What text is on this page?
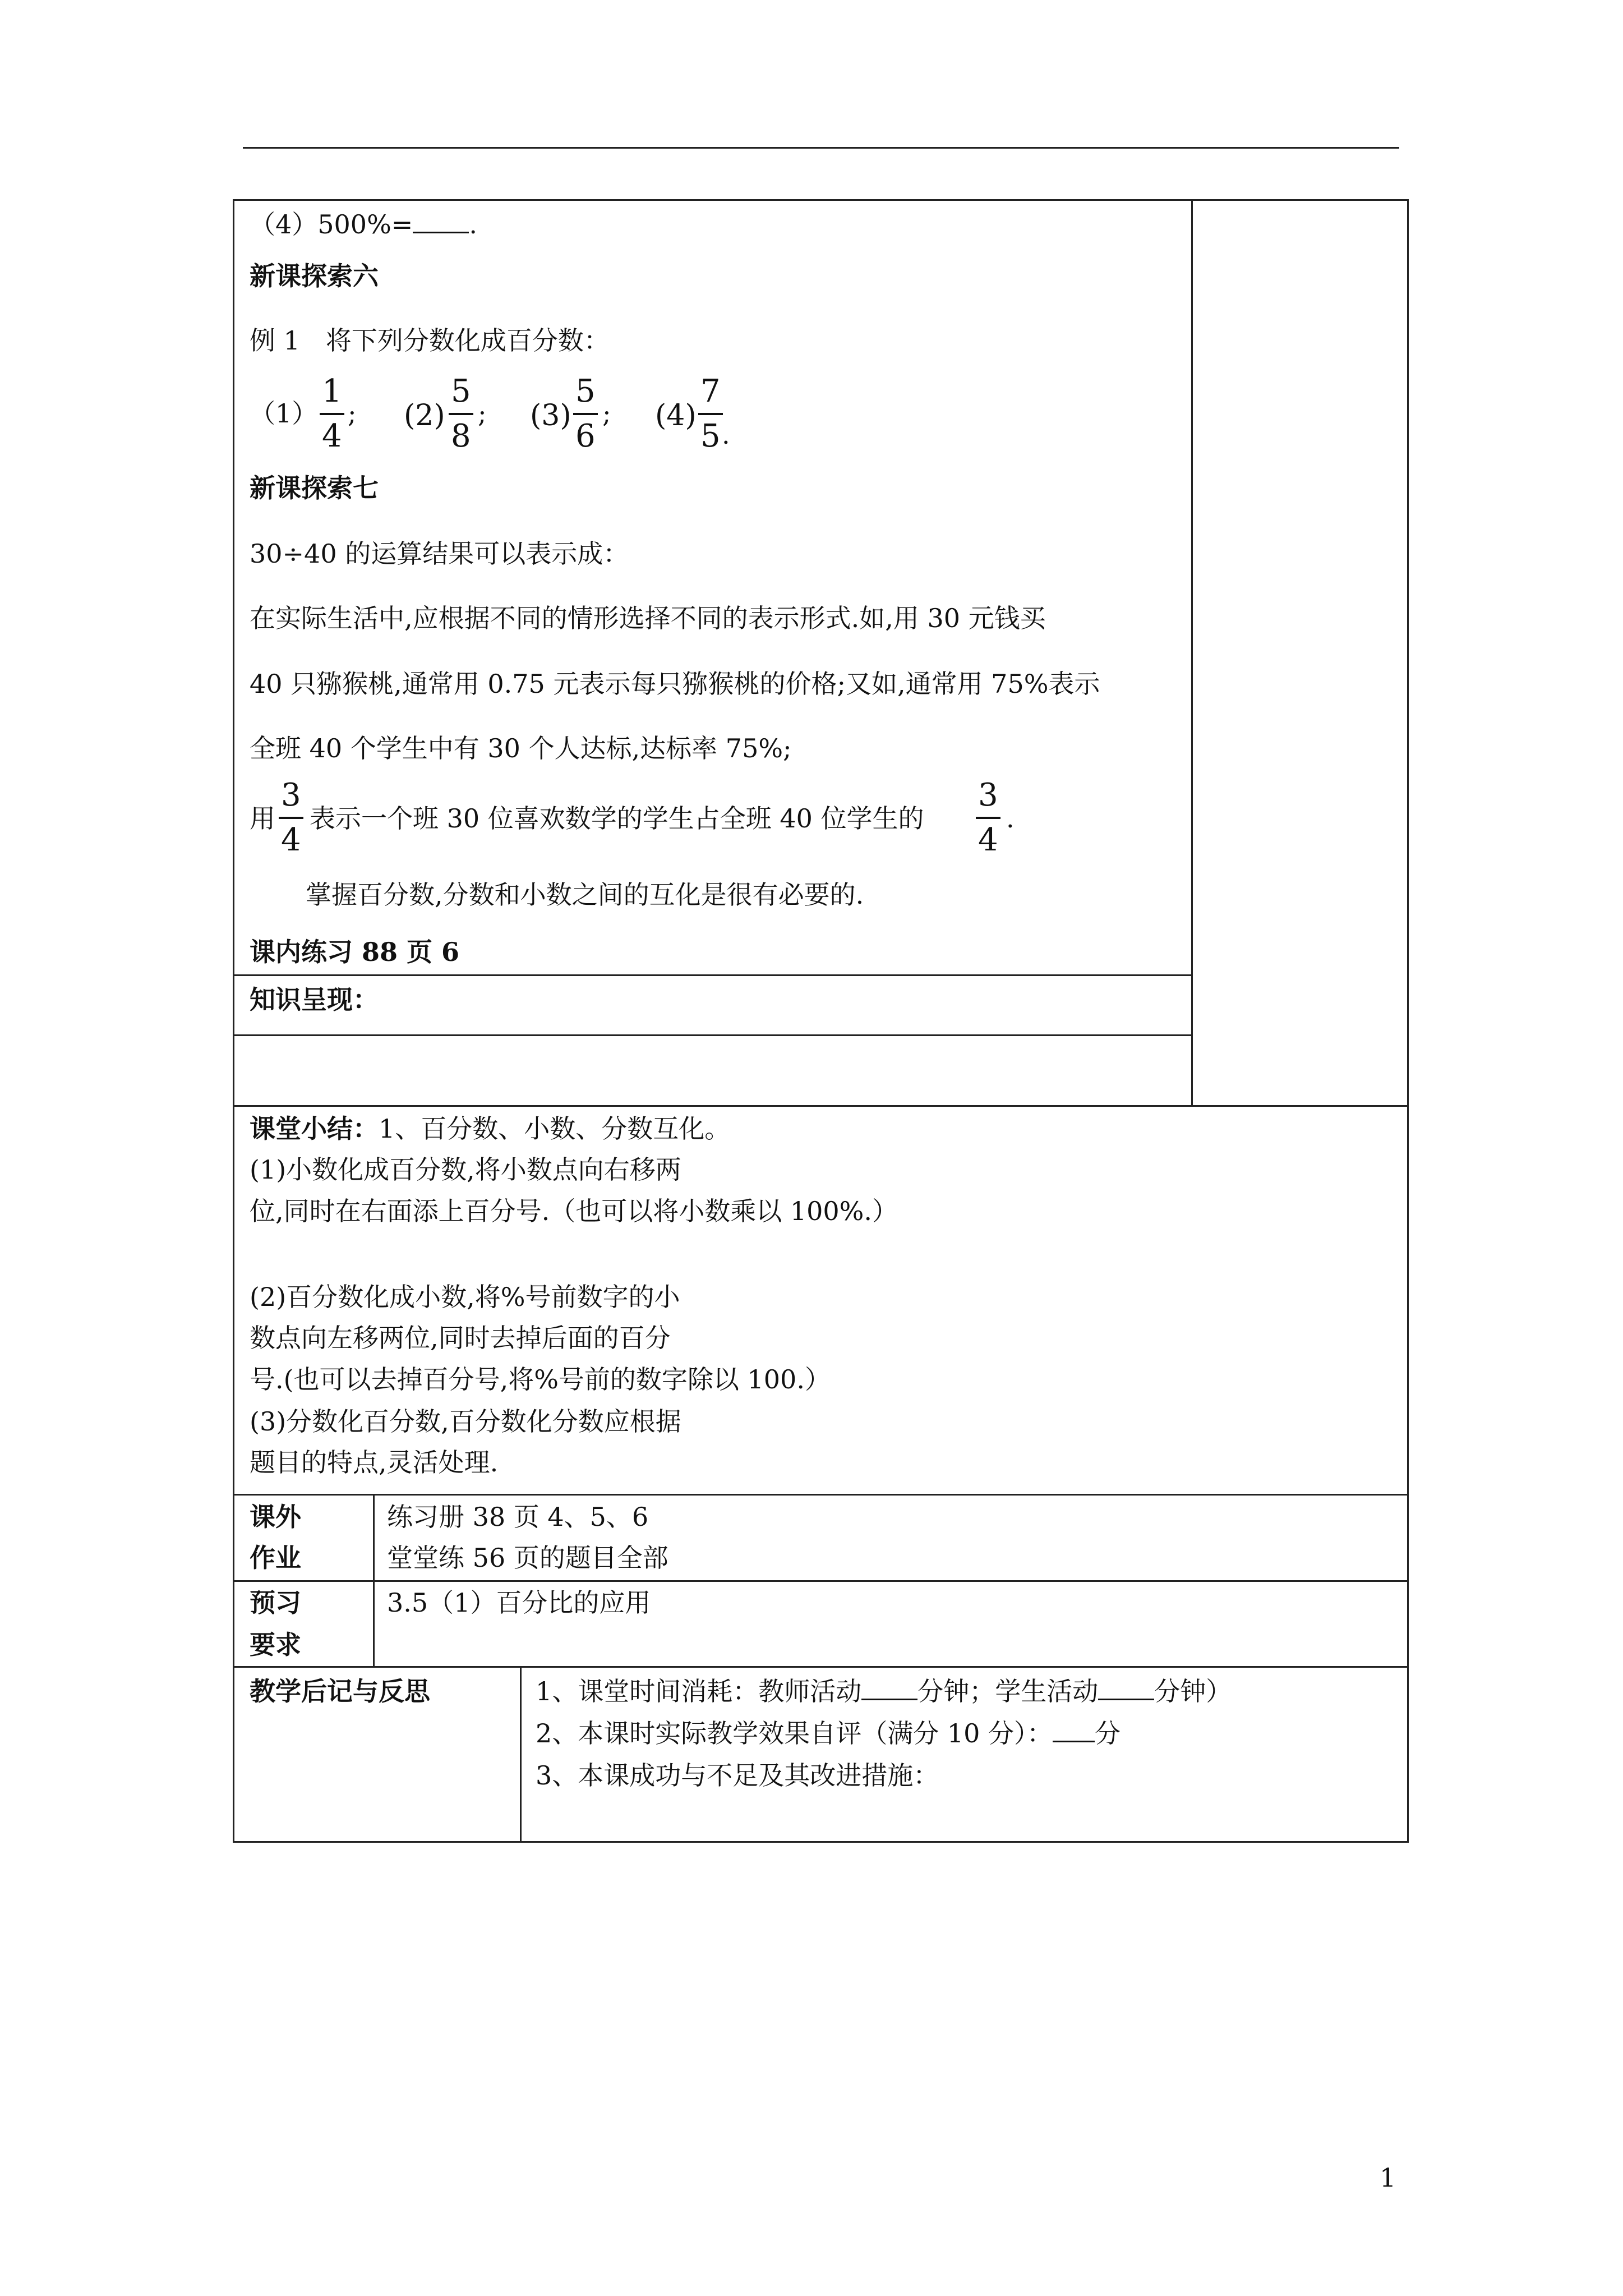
（4）500%= .
新课探索六
例 1　将下列分数化成百分数：
$(1) \frac{1}{4}$ ; $(2) \frac{5}{8}$ ; $(3) \frac{5}{6}$ ; $(4) \frac{7}{5}$
.
新课探索七
30÷40 的运算结果可以表示成：
在实际生活中,应根据不同的情形选择不同的表示形式.如,用 30 元钱买
40 只猕猴桃,通常用 0.75 元表示每只猕猴桃的价格;又如,通常用 75%表示
全班 40 个学生中有 30 个人达标,达标率 75%;
用 $\frac{3}{4}$ 表示一个班 30 位喜欢数学的学生占全班 40 位学生的 $\frac{3}{4}$ .
掌握百分数,分数和小数之间的互化是很有必要的.
课内练习 88 页 6
知识呈现：
课堂小结：1、百分数、小数、分数互化。
(1)小数化成百分数,将小数点向右移两
位,同时在右面添上百分号.（也可以将小数乘以 100%.）
(2)百分数化成小数,将%号前数字的小
数点向左移两位,同时去掉后面的百分
号.(也可以去掉百分号,将%号前的数字除以 100.）
(3)分数化百分数,百分数化分数应根据
题目的特点,灵活处理.
课外
作业
练习册 38 页 4、5、6
堂堂练 56 页的题目全部
预习
要求
3.5（1）百分比的应用
教学后记与反思	1、课堂时间消耗：教师活动 分钟；学生活动 分钟）
2、本课时实际教学效果自评（满分 10 分）： 分
3、本课成功与不足及其改进措施：
1
